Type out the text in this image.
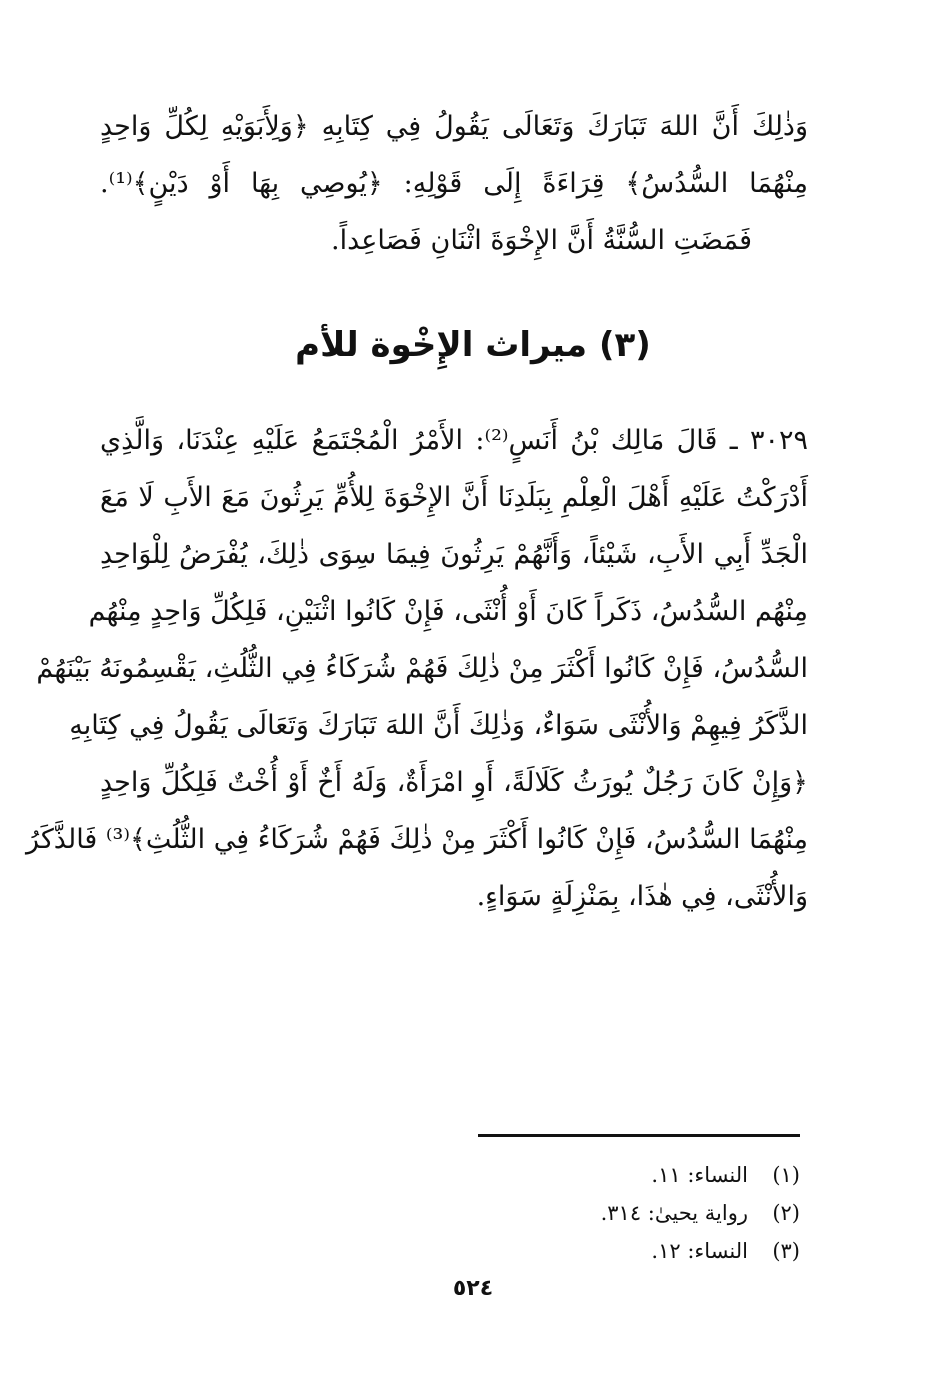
وَذٰلِكَ أَنَّ اللهَ تَبَارَكَ وَتَعَالَى يَقُولُ فِي كِتَابِهِ ﴿وَلِأَبَوَيْهِ لِكُلِّ وَاحِدٍ
مِنْهُمَا السُّدُسُ﴾ قِرَاءَةً إِلَى قَوْلِهِ: ﴿يُوصِي بِهَا أَوْ دَيْنٍ﴾⁽¹⁾.
فَمَضَتِ السُّنَّةُ أَنَّ الإِخْوَةَ اثْنَانِ فَصَاعِداً.
(٣) ميراث الإِخْوة للأم
٣٠٢٩ ـ قَالَ مَالِك بْنُ أَنَسٍ⁽²⁾: الأَمْرُ الْمُجْتَمَعُ عَلَيْهِ عِنْدَنَا، وَالَّذِي
أَدْرَكْتُ عَلَيْهِ أَهْلَ الْعِلْمِ بِبَلَدِنَا أَنَّ الإِخْوَةَ لِلأُمِّ يَرِثُونَ مَعَ الأَبِ لَا مَعَ
الْجَدِّ أَبِي الأَبِ، شَيْئاً، وَأَنَّهُمْ يَرِثُونَ فِيمَا سِوَى ذٰلِكَ، يُفْرَضُ لِلْوَاحِدِ
مِنْهُم السُّدُسُ، ذَكَراً كَانَ أَوْ أُنْثَى، فَإِنْ كَانُوا اثْنَيْنِ، فَلِكُلِّ وَاحِدٍ مِنْهُم
السُّدُسُ، فَإِنْ كَانُوا أَكْثَرَ مِنْ ذٰلِكَ فَهُمْ شُرَكَاءُ فِي الثُّلُثِ، يَقْسِمُونَهُ بَيْنَهُمْ
الذَّكَرُ فِيهِمْ وَالأُنْثَى سَوَاءٌ، وَذٰلِكَ أَنَّ اللهَ تَبَارَكَ وَتَعَالَى يَقُولُ فِي كِتَابِهِ
﴿وَإِنْ كَانَ رَجُلٌ يُورَثُ كَلَالَةً، أَوِ امْرَأَةٌ، وَلَهُ أَخٌ أَوْ أُخْتٌ فَلِكُلِّ وَاحِدٍ
مِنْهُمَا السُّدُسُ، فَإِنْ كَانُوا أَكْثَرَ مِنْ ذٰلِكَ فَهُمْ شُرَكَاءُ فِي الثُّلُثِ﴾⁽³⁾ فَالذَّكَرُ
وَالأُنْثَى، فِي هٰذَا، بِمَنْزِلَةٍ سَوَاءٍ.
(١)النساء: ١١.
(٢)رواية يحيىٰ: ٣١٤.
(٣)النساء: ١٢.
٥٢٤
